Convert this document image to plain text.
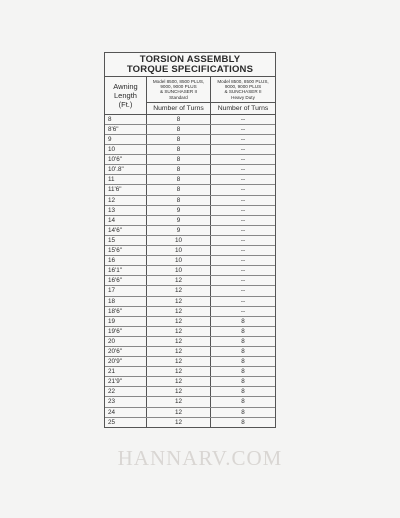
TORSION ASSEMBLY
TORQUE SPECIFICATIONS
Awning
Length
(Ft.)
Model 8500, 8500 PLUS,
9000, 9000 PLUS
& SUNCHASER II
Standard
Model 8500, 8500 PLUS,
9000, 9000 PLUS
& SUNCHASER II
Heavy Duty
Number of Turns	Number of Turns
8	8	--
8'6"	8	--
9	8	--
10	8	--
10'6"	8	--
10'.8"	8	--
11	8	--
11'6"	8	--
12	8	--
13	9	--
14	9	--
14'6"	9	--
15	10	--
15'6"	10	--
16	10	--
16'1"	10	--
16'6"	12	--
17	12	--
18	12	--
18'6"	12	--
19	12	8
19'6"	12	8
20	12	8
20'6"	12	8
20'9"	12	8
21	12	8
21'9"	12	8
22	12	8
23	12	8
24	12	8
25	12	8
HANNARV.COM
